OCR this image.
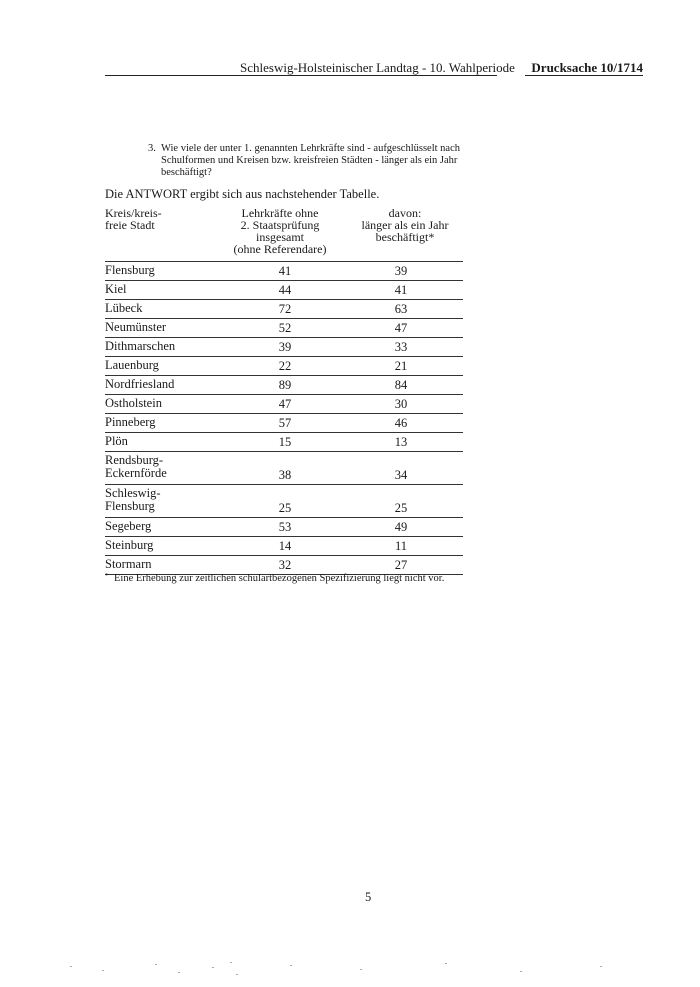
Schleswig-Holsteinischer Landtag - 10. Wahlperiode Drucksache 10/1714
3. Wie viele der unter 1. genannten Lehrkräfte sind - aufgeschlüsselt nach Schulformen und Kreisen bzw. kreisfreien Städten - länger als ein Jahr beschäftigt?
Die ANTWORT ergibt sich aus nachstehender Tabelle.
Kreis/kreis-
freie Stadt
Lehrkräfte ohne
2. Staatsprüfung
insgesamt
(ohne Referendare)
davon:
länger als ein Jahr
beschäftigt*
Flensburg	41	39
Kiel	44	41
Lübeck	72	63
Neumünster	52	47
Dithmarschen	39	33
Lauenburg	22	21
Nordfriesland	89	84
Ostholstein	47	30
Pinneberg	57	46
Plön	15	13
Rendsburg-
Eckernförde	38	34
Schleswig-
Flensburg	25	25
Segeberg	53	49
Steinburg	14	11
Stormarn	32	27
* Eine Erhebung zur zeitlichen schulartbezogenen Spezifizierung liegt nicht vor.
5
